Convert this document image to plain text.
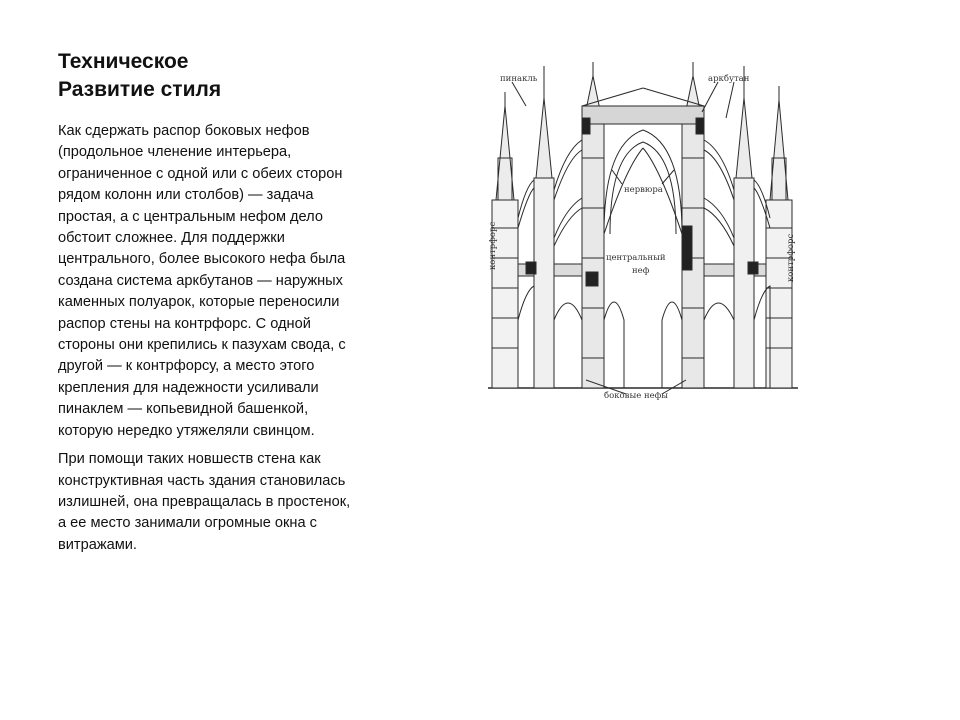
Техническое
Развитие стиля

Как сдержать распор боковых нефов (продольное членение интерьера, ограниченное с одной или с обеих сторон рядом колонн или столбов) — задача простая, а с центральным нефом дело обстоит сложнее. Для поддержки центрального, более высокого нефа была создана система аркбутанов — наружных каменных полуарок, которые переносили распор стены на контрфорс. С одной стороны они крепились к пазухам свода, с другой — к контрфорсу, а место этого крепления для надежности усиливали пинаклем — копьевидной башенкой, которую нередко утяжеляли свинцом.

При помощи таких новшеств стена как конструктивная часть здания становилась излишней, она превращалась в простенок, а ее место занимали огромные окна с витражами.

пинакль	аркбутан
нервюра
центральный
неф
контрфорс	контрфорс
боковые нефы
